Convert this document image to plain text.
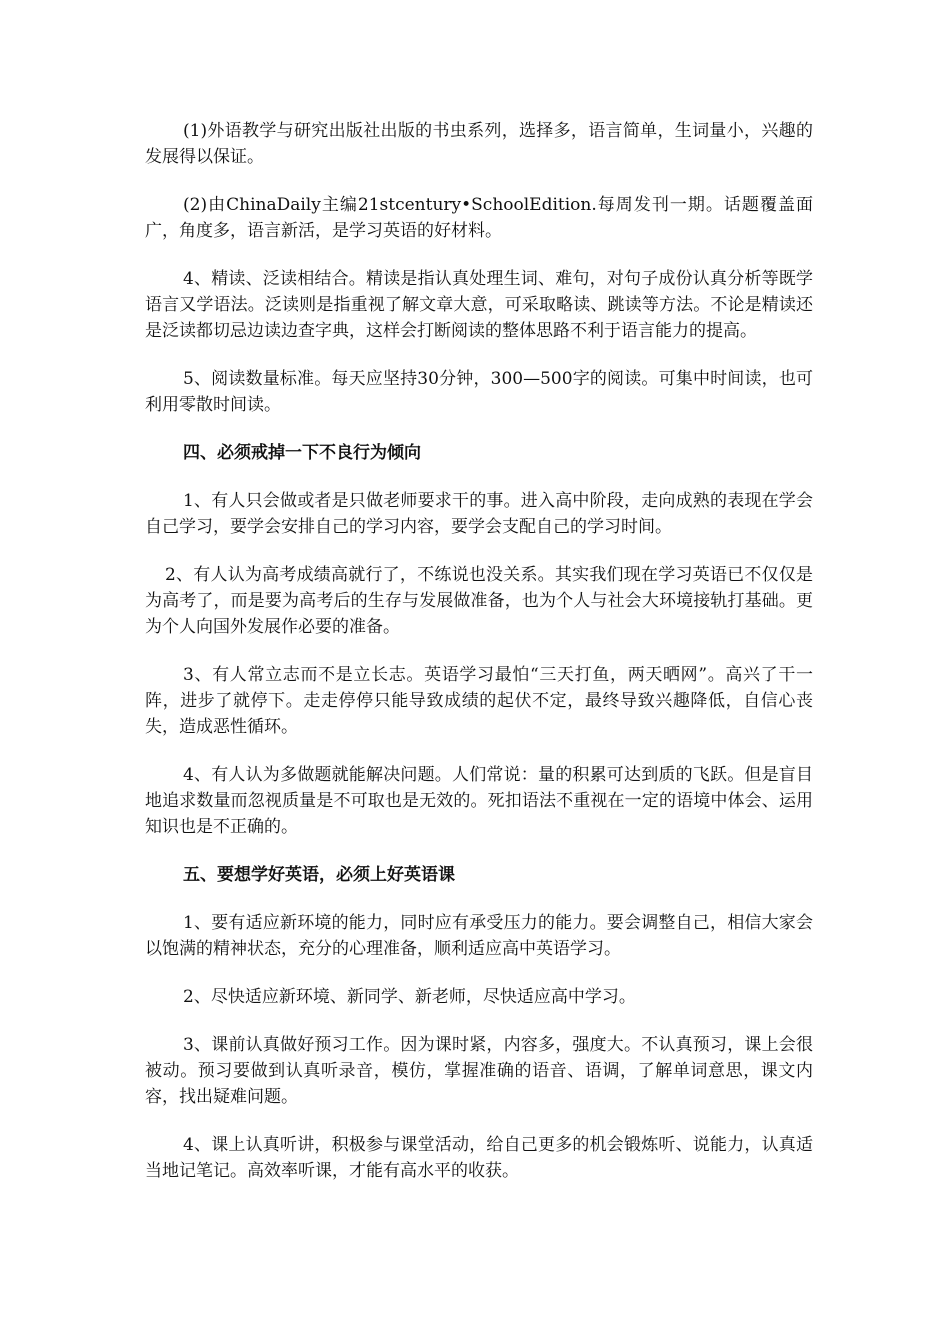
(1)外语教学与研究出版社出版的书虫系列，选择多，语言简单，生词量小，兴趣的发展得以保证。

(2)由ChinaDaily主编21stcentury•SchoolEdition.每周发刊一期。话题覆盖面广，角度多，语言新活，是学习英语的好材料。

4、精读、泛读相结合。精读是指认真处理生词、难句，对句子成份认真分析等既学语言又学语法。泛读则是指重视了解文章大意，可采取略读、跳读等方法。不论是精读还是泛读都切忌边读边查字典，这样会打断阅读的整体思路不利于语言能力的提高。

5、阅读数量标准。每天应坚持30分钟，300—500字的阅读。可集中时间读，也可利用零散时间读。

四、必须戒掉一下不良行为倾向

1、有人只会做或者是只做老师要求干的事。进入高中阶段，走向成熟的表现在学会自己学习，要学会安排自己的学习内容，要学会支配自己的学习时间。

2、有人认为高考成绩高就行了，不练说也没关系。其实我们现在学习英语已不仅仅是为高考了，而是要为高考后的生存与发展做准备，也为个人与社会大环境接轨打基础。更为个人向国外发展作必要的准备。

3、有人常立志而不是立长志。英语学习最怕“三天打鱼，两天晒网”。高兴了干一阵，进步了就停下。走走停停只能导致成绩的起伏不定，最终导致兴趣降低，自信心丧失，造成恶性循环。

4、有人认为多做题就能解决问题。人们常说：量的积累可达到质的飞跃。但是盲目地追求数量而忽视质量是不可取也是无效的。死扣语法不重视在一定的语境中体会、运用知识也是不正确的。

五、要想学好英语，必须上好英语课

1、要有适应新环境的能力，同时应有承受压力的能力。要会调整自己，相信大家会以饱满的精神状态，充分的心理准备，顺利适应高中英语学习。

2、尽快适应新环境、新同学、新老师，尽快适应高中学习。

3、课前认真做好预习工作。因为课时紧，内容多，强度大。不认真预习，课上会很被动。预习要做到认真听录音，模仿，掌握准确的语音、语调，了解单词意思，课文内容，找出疑难问题。

4、课上认真听讲，积极参与课堂活动，给自己更多的机会锻炼听、说能力，认真适当地记笔记。高效率听课，才能有高水平的收获。
